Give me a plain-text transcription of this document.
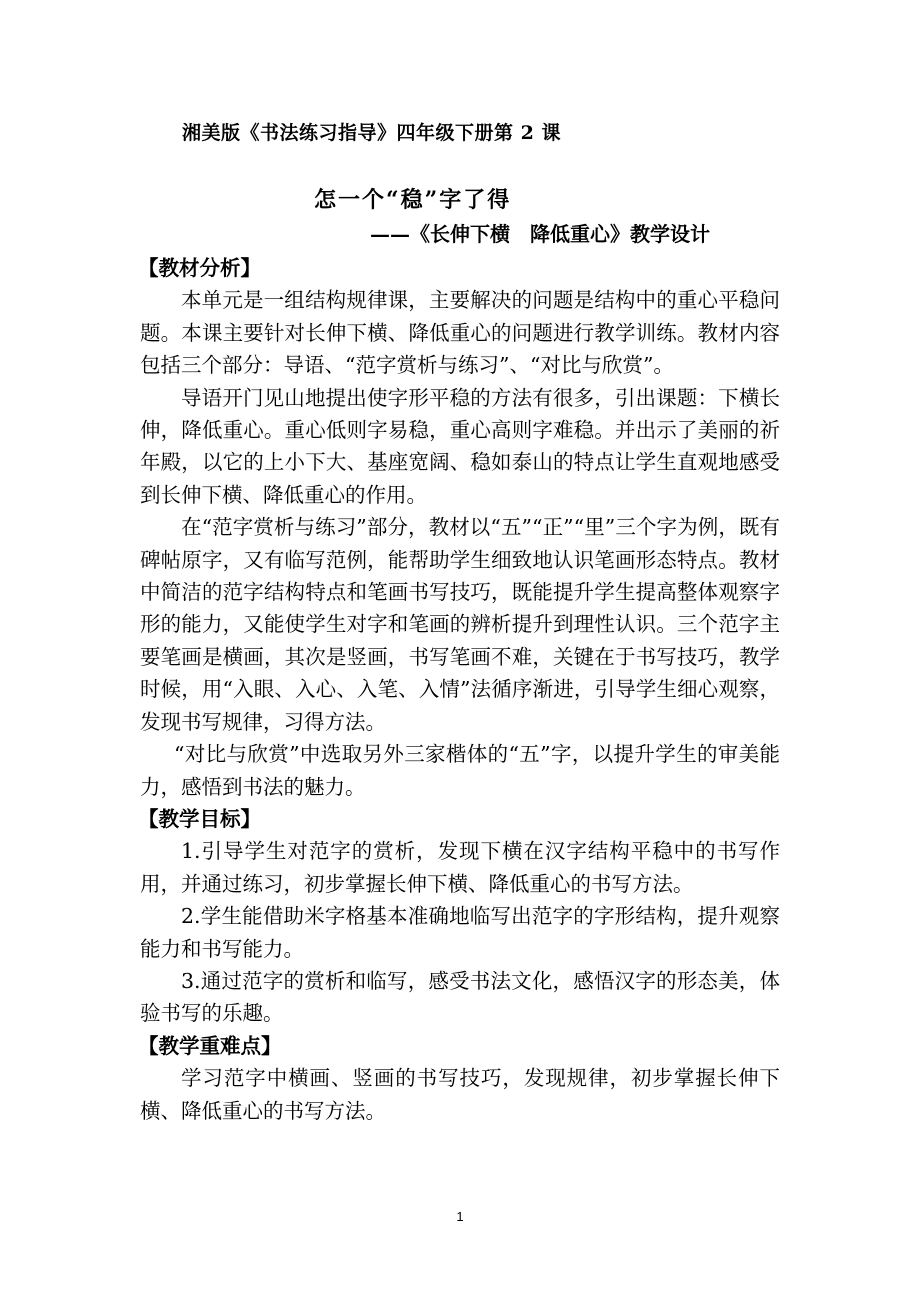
湘美版《书法练习指导》四年级下册第 2 课
怎一个“稳”字了得
——《长伸下横　降低重心》教学设计
【教材分析】

本单元是一组结构规律课，主要解决的问题是结构中的重心平稳问题。本课主要针对长伸下横、降低重心的问题进行教学训练。教材内容包括三个部分：导语、“范字赏析与练习”、“对比与欣赏”。

导语开门见山地提出使字形平稳的方法有很多，引出课题：下横长伸，降低重心。重心低则字易稳，重心高则字难稳。并出示了美丽的祈年殿，以它的上小下大、基座宽阔、稳如泰山的特点让学生直观地感受到长伸下横、降低重心的作用。

在“范字赏析与练习”部分，教材以“五”“正”“里”三个字为例，既有碑帖原字，又有临写范例，能帮助学生细致地认识笔画形态特点。教材中简洁的范字结构特点和笔画书写技巧，既能提升学生提高整体观察字形的能力，又能使学生对字和笔画的辨析提升到理性认识。三个范字主要笔画是横画，其次是竖画，书写笔画不难，关键在于书写技巧，教学时候，用“入眼、入心、入笔、入情”法循序渐进，引导学生细心观察，发现书写规律，习得方法。

“对比与欣赏”中选取另外三家楷体的“五”字，以提升学生的审美能力，感悟到书法的魅力。

【教学目标】

1.引导学生对范字的赏析，发现下横在汉字结构平稳中的书写作用，并通过练习，初步掌握长伸下横、降低重心的书写方法。

2.学生能借助米字格基本准确地临写出范字的字形结构，提升观察能力和书写能力。

3.通过范字的赏析和临写，感受书法文化，感悟汉字的形态美，体验书写的乐趣。

【教学重难点】

学习范字中横画、竖画的书写技巧，发现规律，初步掌握长伸下横、降低重心的书写方法。

1
